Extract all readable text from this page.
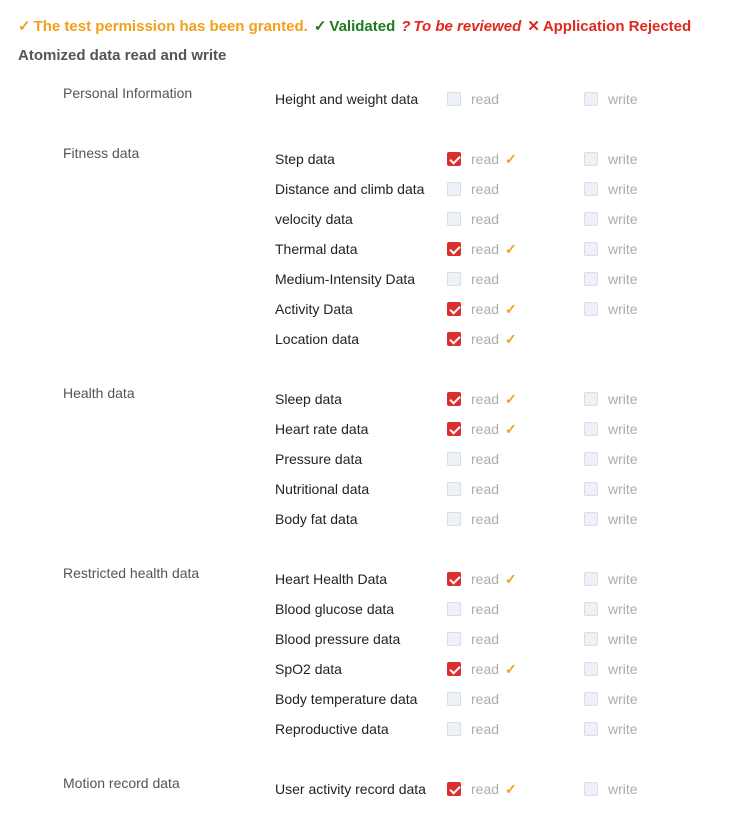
✓ The test permission has been granted. ✓ Validated ? To be reviewed ✕ Application Rejected
Atomized data read and write
Personal Information	Height and weight data	read	write
Fitness data	Step data	read ✓	write
Distance and climb data	read	write
velocity data	read	write
Thermal data	read ✓	write
Medium-Intensity Data	read	write
Activity Data	read ✓	write
Location data	read ✓
Health data	Sleep data	read ✓	write
Heart rate data	read ✓	write
Pressure data	read	write
Nutritional data	read	write
Body fat data	read	write
Restricted health data	Heart Health Data	read ✓	write
Blood glucose data	read	write
Blood pressure data	read	write
SpO2 data	read ✓	write
Body temperature data	read	write
Reproductive data	read	write
Motion record data	User activity record data	read ✓	write
